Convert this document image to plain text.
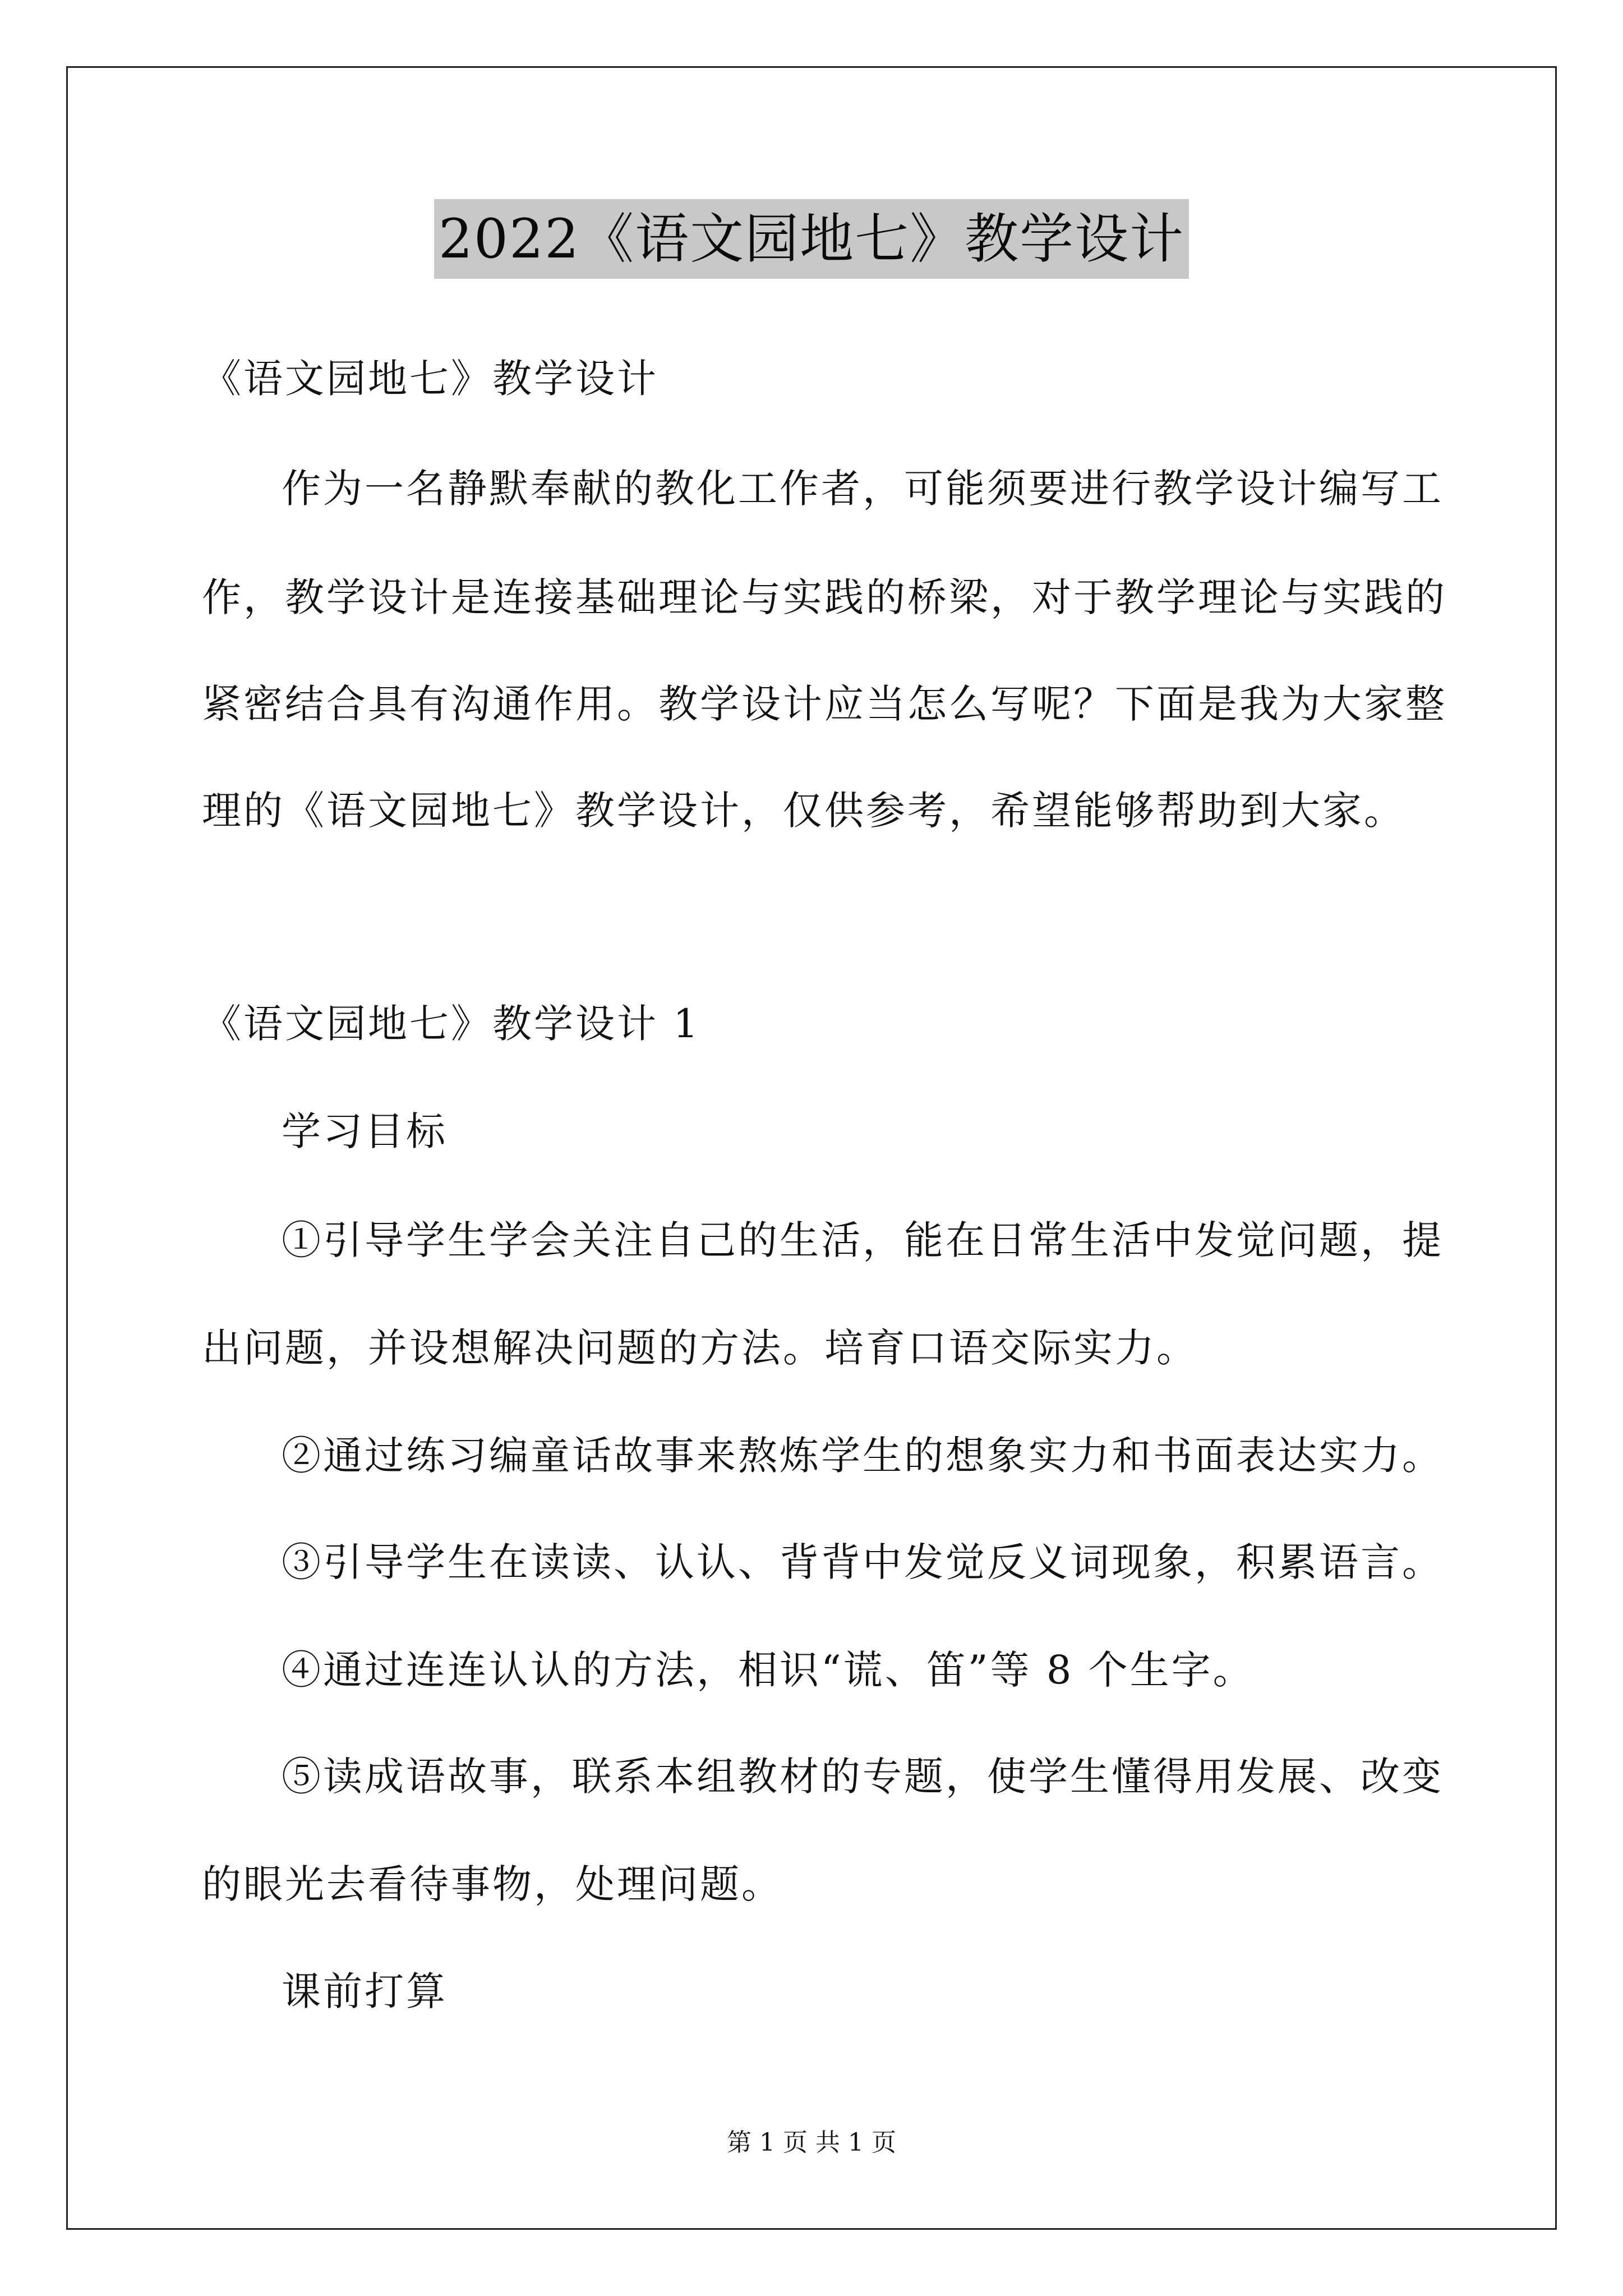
2022《语文园地七》教学设计
《语文园地七》教学设计
作为一名静默奉献的教化工作者，可能须要进行教学设计编写工
作，教学设计是连接基础理论与实践的桥梁，对于教学理论与实践的
紧密结合具有沟通作用。教学设计应当怎么写呢？下面是我为大家整
理的《语文园地七》教学设计，仅供参考，希望能够帮助到大家。
《语文园地七》教学设计 1
学习目标
①引导学生学会关注自己的生活，能在日常生活中发觉问题，提
出问题，并设想解决问题的方法。培育口语交际实力。
②通过练习编童话故事来熬炼学生的想象实力和书面表达实力。
③引导学生在读读、认认、背背中发觉反义词现象，积累语言。
④通过连连认认的方法，相识“谎、笛”等 8 个生字。
⑤读成语故事，联系本组教材的专题，使学生懂得用发展、改变
的眼光去看待事物，处理问题。
课前打算
第 1 页 共 1 页
